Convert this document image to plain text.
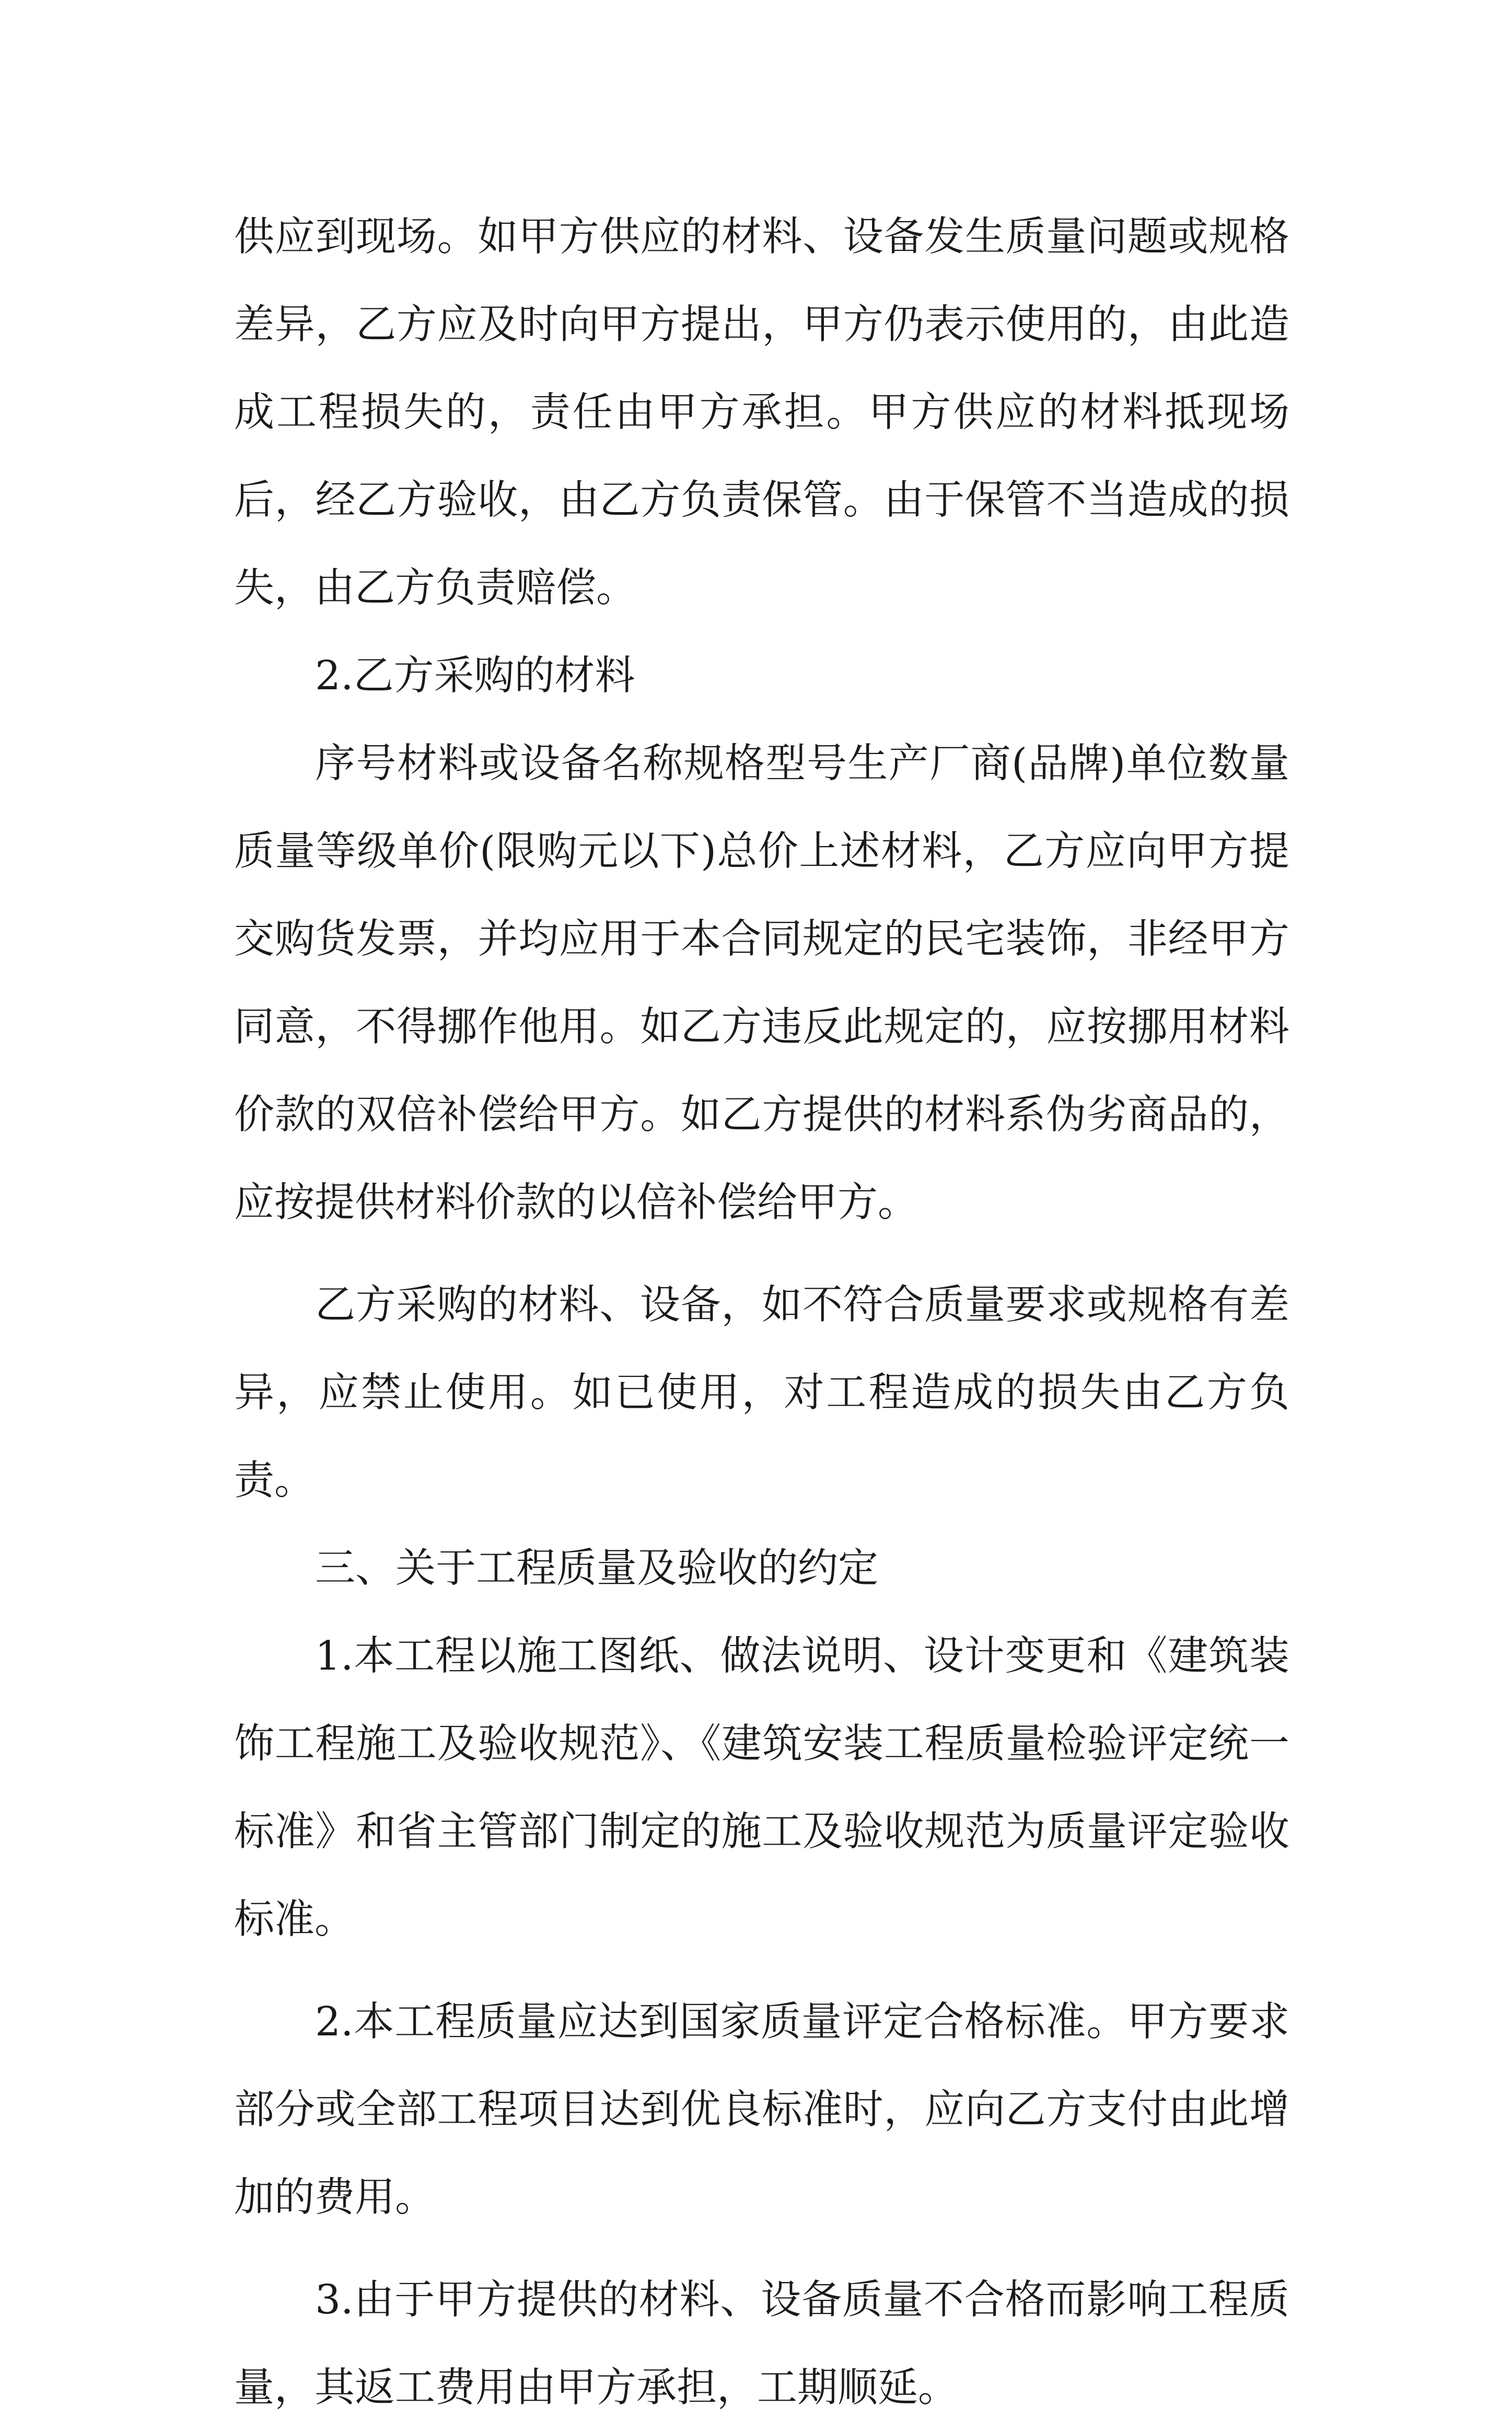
供应到现场。如甲方供应的材料、设备发生质量问题或规格差异，乙方应及时向甲方提出，甲方仍表示使用的，由此造成工程损失的，责任由甲方承担。甲方供应的材料抵现场后，经乙方验收，由乙方负责保管。由于保管不当造成的损失，由乙方负责赔偿。

2.乙方采购的材料

序号材料或设备名称规格型号生产厂商(品牌)单位数量质量等级单价(限购元以下)总价上述材料，乙方应向甲方提交购货发票，并均应用于本合同规定的民宅装饰，非经甲方同意，不得挪作他用。如乙方违反此规定的，应按挪用材料价款的双倍补偿给甲方。如乙方提供的材料系伪劣商品的，应按提供材料价款的以倍补偿给甲方。

乙方采购的材料、设备，如不符合质量要求或规格有差异，应禁止使用。如已使用，对工程造成的损失由乙方负责。

三、关于工程质量及验收的约定

1.本工程以施工图纸、做法说明、设计变更和《建筑装饰工程施工及验收规范》、《建筑安装工程质量检验评定统一标准》和省主管部门制定的施工及验收规范为质量评定验收标准。

2.本工程质量应达到国家质量评定合格标准。甲方要求部分或全部工程项目达到优良标准时，应向乙方支付由此增加的费用。

3.由于甲方提供的材料、设备质量不合格而影响工程质量，其返工费用由甲方承担，工期顺延。
